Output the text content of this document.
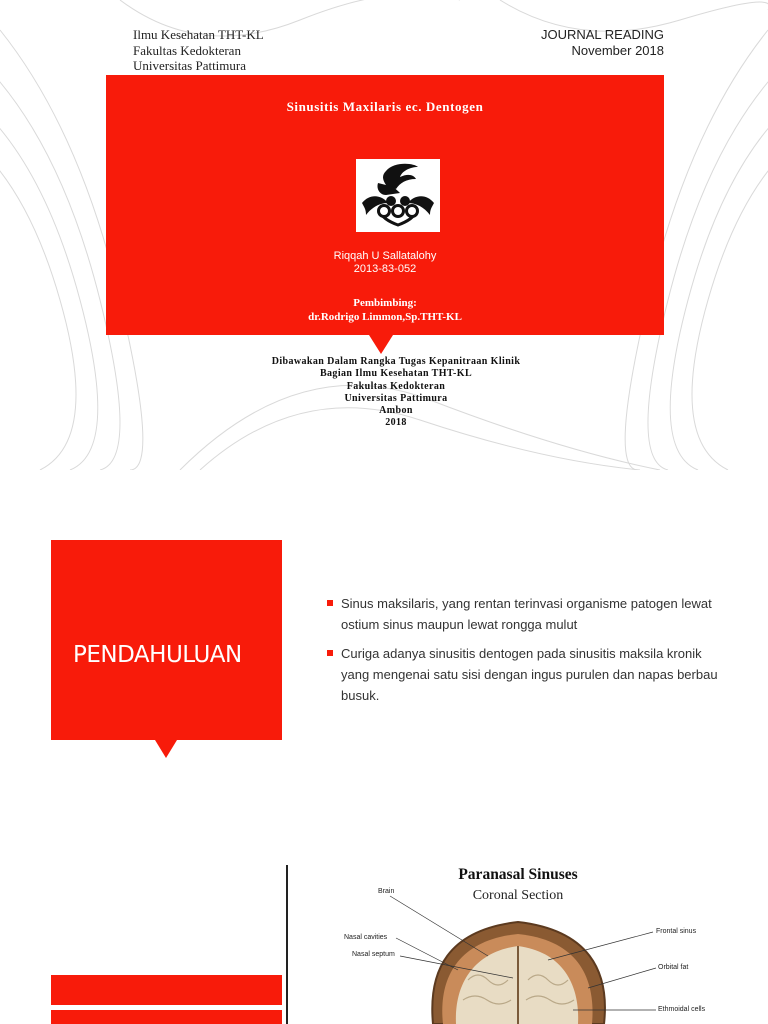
Ilmu Kesehatan THT-KL
Fakultas Kedokteran
Universitas Pattimura
JOURNAL READING
November 2018
Sinusitis Maxilaris ec. Dentogen
Riqqah U Sallatalohy
2013-83-052
Pembimbing:
dr.Rodrigo Limmon,Sp.THT-KL
Dibawakan Dalam Rangka Tugas Kepanitraan Klinik
Bagian Ilmu Kesehatan THT-KL
Fakultas Kedokteran
Universitas Pattimura
Ambon
2018
PENDAHULUAN
Sinus maksilaris, yang rentan terinvasi organisme patogen lewat ostium sinus maupun lewat rongga mulut
Curiga adanya sinusitis dentogen pada sinusitis maksila kronik yang mengenai satu sisi dengan ingus purulen dan napas berbau busuk.
Paranasal Sinuses
Coronal Section
Brain
Nasal cavities
Nasal septum
Frontal sinus
Orbital fat
Ethmoidal cells
